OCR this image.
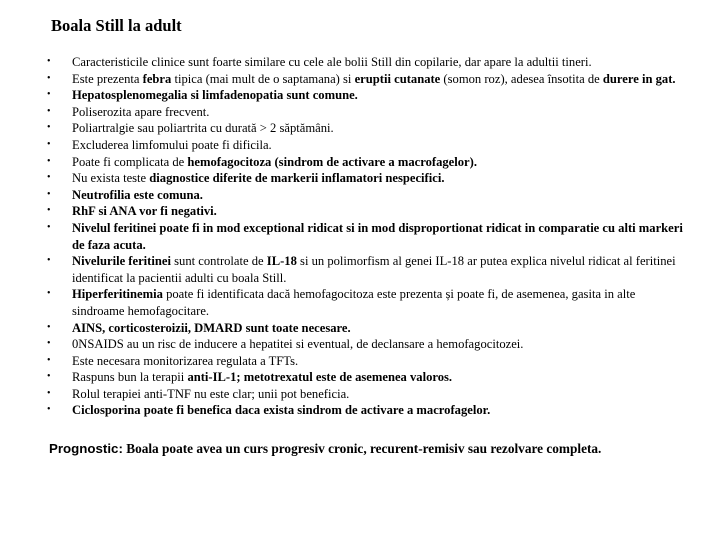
Boala Still la adult
• Caracteristicile clinice sunt foarte similare cu cele ale bolii Still din copilarie, dar apare la adultii tineri.
• Este prezenta febra tipica (mai mult de o saptamana) si eruptii cutanate (somon roz), adesea însotita de durere in gat.
• Hepatosplenomegalia si limfadenopatia sunt comune.
• Poliserozita apare frecvent.
• Poliartralgie sau poliartrita cu durată > 2 săptămâni.
• Excluderea limfomului poate fi dificila.
• Poate fi complicata de hemofagocitoza (sindrom de activare a macrofagelor).
• Nu exista teste diagnostice diferite de markerii inflamatori nespecifici.
• Neutrofilia este comuna.
• RhF si ANA vor fi negativi.
• Nivelul feritinei poate fi in mod exceptional ridicat si in mod disproportionat ridicat in comparatie cu alti markeri de faza acuta.
• Nivelurile feritinei sunt controlate de IL-18 si un polimorfism al genei IL-18 ar putea explica nivelul ridicat al feritinei identificat la pacientii adulti cu boala Still.
• Hiperferitinemia poate fi identificata dacă hemofagocitoza este prezenta și poate fi, de asemenea, gasita in alte sindroame hemofagocitare.
• AINS, corticosteroizii, DMARD sunt toate necesare.
• 0NSAIDS au un risc de inducere a hepatitei si eventual, de declansare a hemofagocitozei.
• Este necesara monitorizarea regulata a TFTs.
• Raspuns bun la terapii anti-IL-1; metotrexatul este de asemenea valoros.
• Rolul terapiei anti-TNF nu este clar; unii pot beneficia.
• Ciclosporina poate fi benefica daca exista sindrom de activare a macrofagelor.

Prognostic: Boala poate avea un curs progresiv cronic, recurent-remisiv sau rezolvare completa.
